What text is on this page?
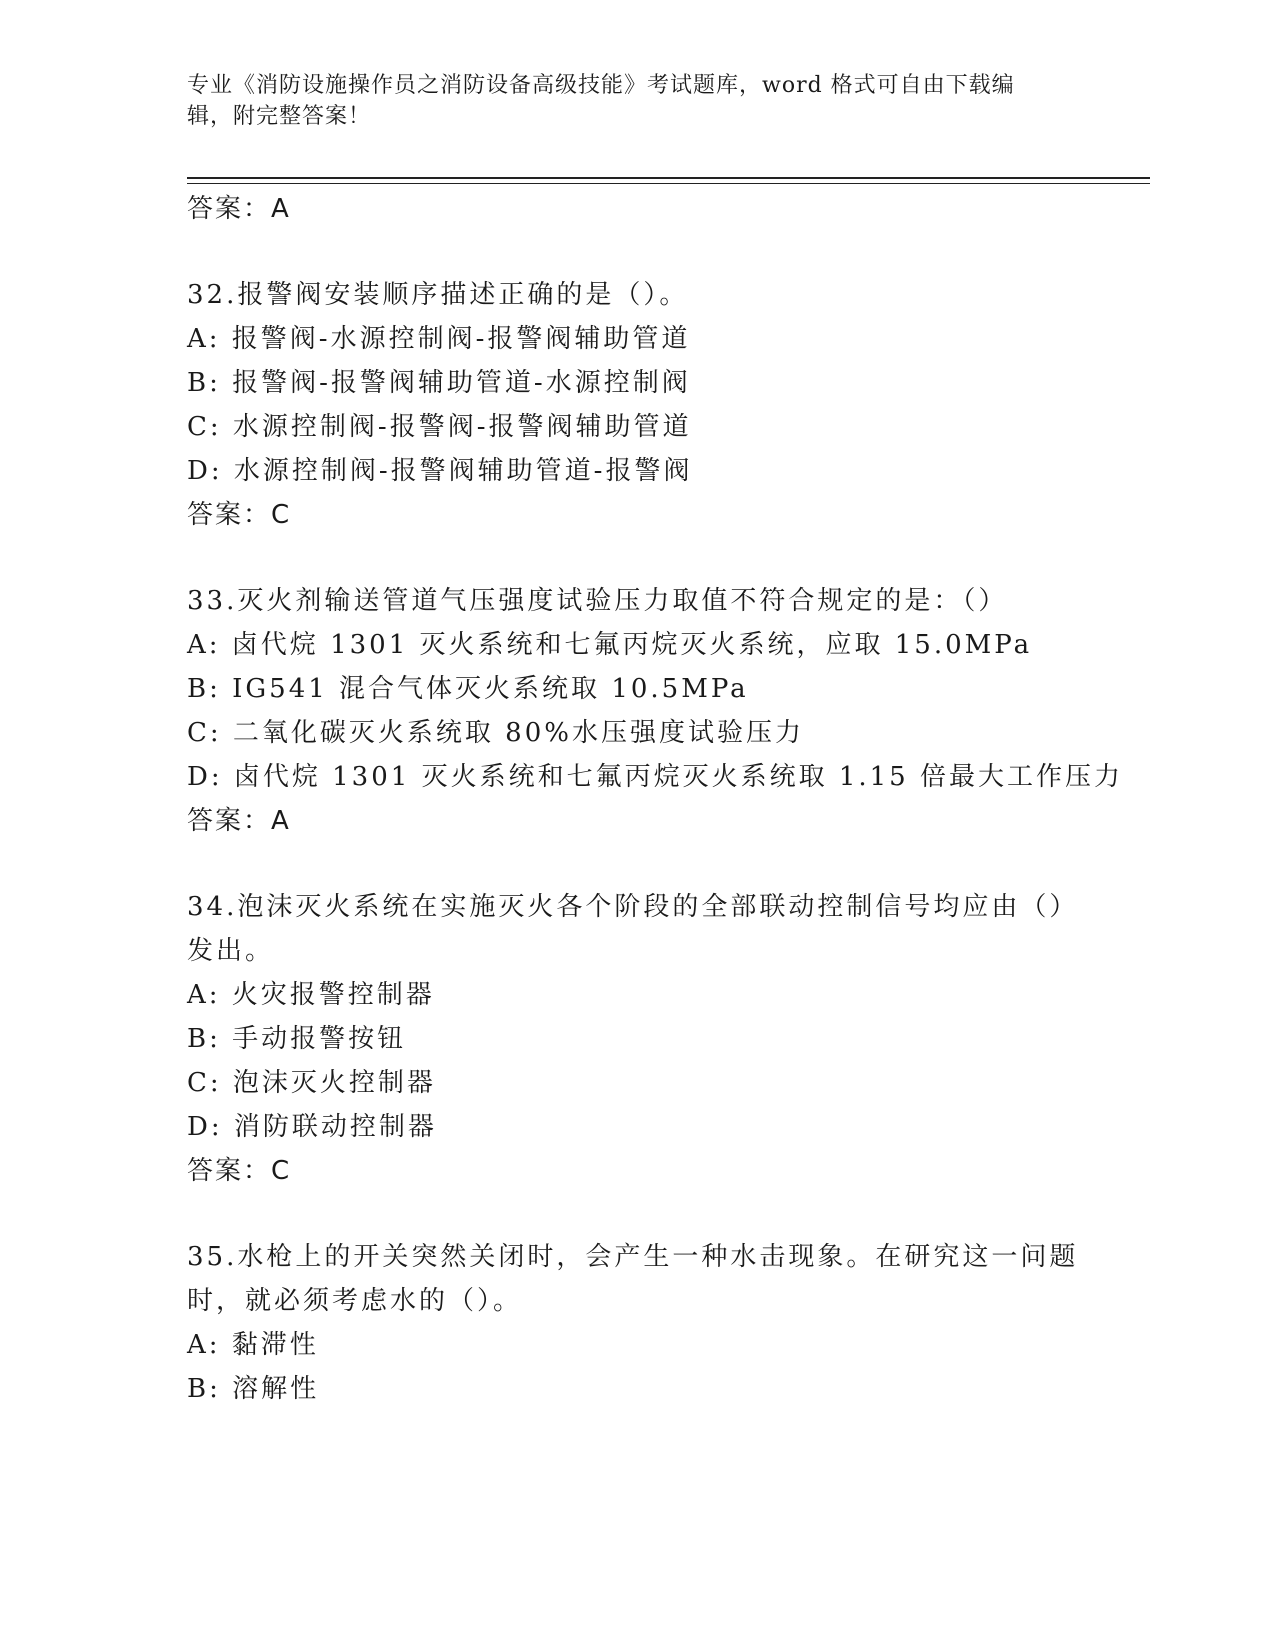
专业《消防设施操作员之消防设备高级技能》考试题库，word 格式可自由下载编
辑，附完整答案！
答案：A
32.报警阀安装顺序描述正确的是（）。
A: 报警阀-水源控制阀-报警阀辅助管道
B: 报警阀-报警阀辅助管道-水源控制阀
C: 水源控制阀-报警阀-报警阀辅助管道
D: 水源控制阀-报警阀辅助管道-报警阀
答案：C
33.灭火剂输送管道气压强度试验压力取值不符合规定的是：（）
A: 卤代烷 1301 灭火系统和七氟丙烷灭火系统，应取 15.0MPa
B: IG541 混合气体灭火系统取 10.5MPa
C: 二氧化碳灭火系统取 80%水压强度试验压力
D: 卤代烷 1301 灭火系统和七氟丙烷灭火系统取 1.15 倍最大工作压力
答案：A
34.泡沫灭火系统在实施灭火各个阶段的全部联动控制信号均应由（）
发出。
A: 火灾报警控制器
B: 手动报警按钮
C: 泡沫灭火控制器
D: 消防联动控制器
答案：C
35.水枪上的开关突然关闭时，会产生一种水击现象。在研究这一问题
时，就必须考虑水的（）。
A: 黏滞性
B: 溶解性
